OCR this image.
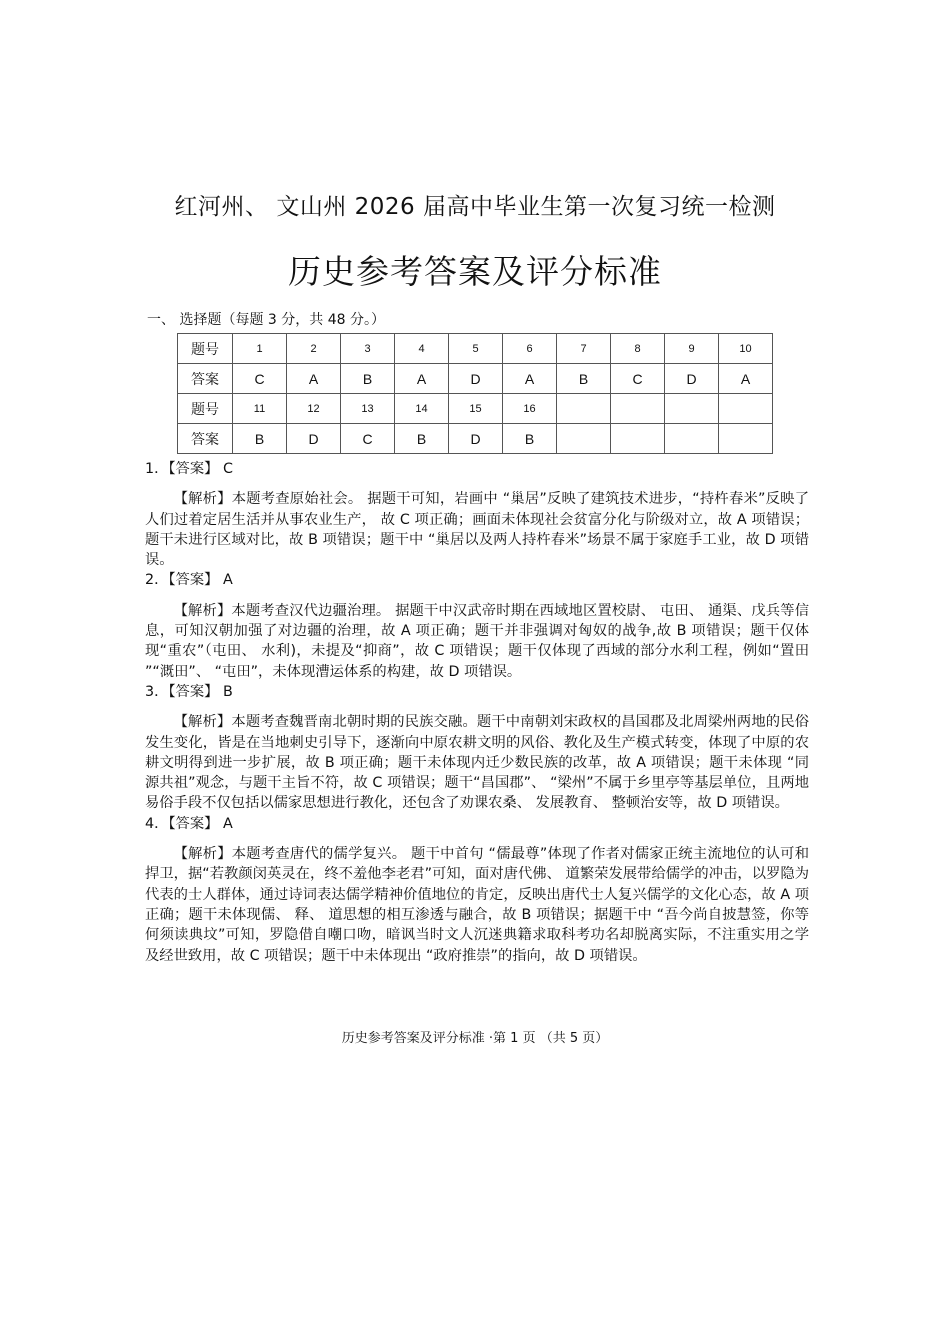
红河州、 文山州 2026 届高中毕业生第一次复习统一检测
历史参考答案及评分标准
一、 选择题（每题 3 分，共 48 分。）
题号	1	2	3	4	5	6	7	8	9	10
答案	C	A	B	A	D	A	B	C	D	A
题号	11	12	13	14	15	16				
答案	B	D	C	B	D	B				
1．【答案】 C
【解析】本题考查原始社会。 据题干可知，岩画中 “巢居”反映了建筑技术进步，“持杵春米”反映了人们过着定居生活并从事农业生产， 故 C 项正确；画面未体现社会贫富分化与阶级对立，故 A 项错误；题干未进行区域对比，故 B 项错误；题干中 “巢居以及两人持杵春米”场景不属于家庭手工业，故 D 项错误。
2．【答案】 A
【解析】本题考查汉代边疆治理。 据题干中汉武帝时期在西域地区置校尉、 屯田、 通渠、戊兵等信息，可知汉朝加强了对边疆的治理，故 A 项正确；题干并非强调对匈奴的战争,故 B 项错误；题干仅体现“重农”（屯田、 水利)，未提及“抑商”，故 C 项错误；题干仅体现了西域的部分水利工程，例如“置田 ”“溉田”、 “屯田”，未体现漕运体系的构建，故 D 项错误。
3．【答案】 B
【解析】本题考查魏晋南北朝时期的民族交融。题干中南朝刘宋政权的昌国郡及北周梁州两地的民俗发生变化，皆是在当地刺史引导下，逐渐向中原农耕文明的风俗、教化及生产模式转变，体现了中原的农耕文明得到进一步扩展，故 B 项正确；题干未体现内迁少数民族的改革，故 A 项错误；题干未体现 “同源共祖”观念，与题干主旨不符，故 C 项错误；题干“昌国郡”、 “梁州”不属于乡里亭等基层单位，且两地易俗手段不仅包括以儒家思想进行教化，还包含了劝课农桑、 发展教育、 整顿治安等，故 D 项错误。
4．【答案】 A
【解析】本题考查唐代的儒学复兴。 题干中首句 “儒最尊”体现了作者对儒家正统主流地位的认可和捍卫，据“若教颜闵英灵在，终不羞他李老君”可知，面对唐代佛、 道繁荣发展带给儒学的冲击，以罗隐为代表的士人群体，通过诗词表达儒学精神价值地位的肯定，反映出唐代士人复兴儒学的文化心态，故 A 项正确；题干未体现儒、 释、 道思想的相互渗透与融合，故 B 项错误；据题干中 “吾今尚自披慧签，你等何须读典坟”可知，罗隐借自嘲口吻，暗讽当时文人沉迷典籍求取科考功名却脱离实际，不注重实用之学及经世致用，故 C 项错误；题干中未体现出 “政府推崇”的指向，故 D 项错误。
历史参考答案及评分标准 ·第 1 页 （共 5 页）
